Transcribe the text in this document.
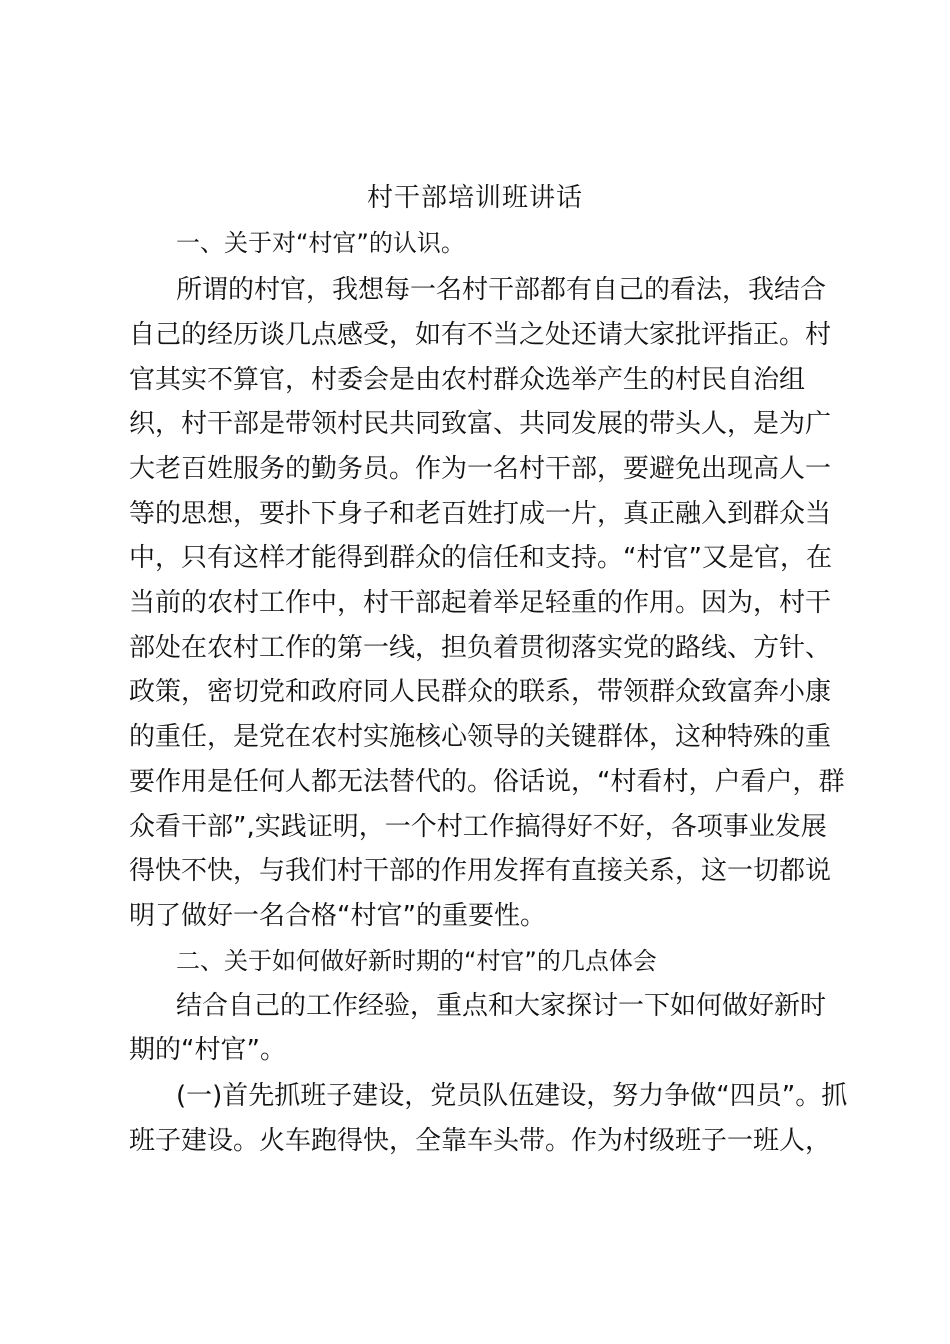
村干部培训班讲话
一、关于对“村官”的认识。
所谓的村官，我想每一名村干部都有自己的看法，我结合
自己的经历谈几点感受，如有不当之处还请大家批评指正。村
官其实不算官，村委会是由农村群众选举产生的村民自治组
织，村干部是带领村民共同致富、共同发展的带头人，是为广
大老百姓服务的勤务员。作为一名村干部，要避免出现高人一
等的思想，要扑下身子和老百姓打成一片，真正融入到群众当
中，只有这样才能得到群众的信任和支持。“村官”又是官，在
当前的农村工作中，村干部起着举足轻重的作用。因为，村干
部处在农村工作的第一线，担负着贯彻落实党的路线、方针、
政策，密切党和政府同人民群众的联系，带领群众致富奔小康
的重任，是党在农村实施核心领导的关键群体，这种特殊的重
要作用是任何人都无法替代的。俗话说，“村看村，户看户，群
众看干部”,实践证明，一个村工作搞得好不好，各项事业发展
得快不快，与我们村干部的作用发挥有直接关系，这一切都说
明了做好一名合格“村官”的重要性。
二、关于如何做好新时期的“村官”的几点体会
结合自己的工作经验，重点和大家探讨一下如何做好新时
期的“村官”。
(一)首先抓班子建设，党员队伍建设，努力争做“四员”。抓
班子建设。火车跑得快，全靠车头带。作为村级班子一班人，
